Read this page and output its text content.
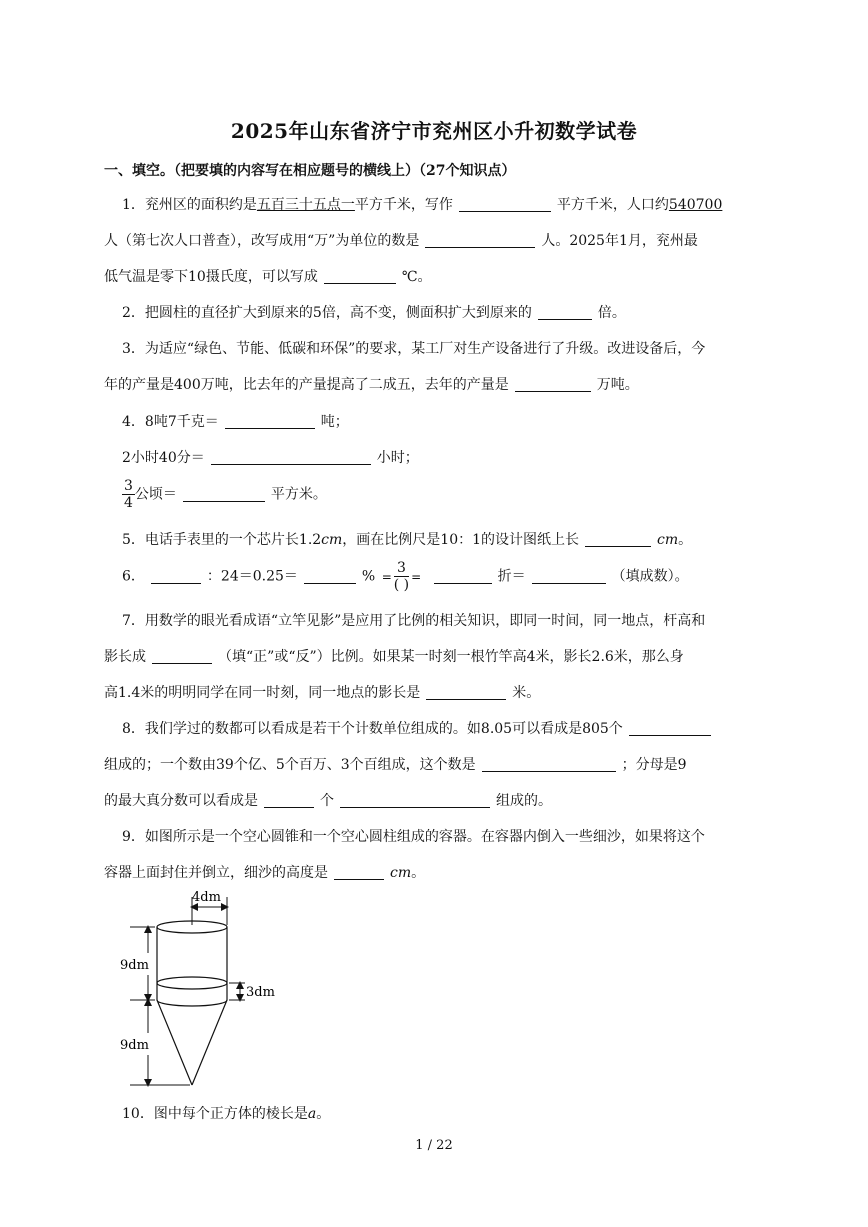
2025年山东省济宁市兖州区小升初数学试卷
一、填空。（把要填的内容写在相应题号的横线上）（27个知识点）
1．兖州区的面积约是五百三十五点一平方千米，写作	平方千米，人口约540700
人（第七次人口普查），改写成用“万”为单位的数是	人。2025年1月，兖州最
低气温是零下10摄氏度，可以写成	℃。
2．把圆柱的直径扩大到原来的5倍，高不变，侧面积扩大到原来的	倍。
3．为适应“绿色、节能、低碳和环保”的要求，某工厂对生产设备进行了升级。改进设备后，今
年的产量是400万吨，比去年的产量提高了二成五，去年的产量是	万吨。
4．8吨7千克＝	吨；
2小时40分＝	小时；
$\frac{3}{4}$ 公顷＝	平方米。
5．电话手表里的一个芯片长1.2cm，画在比例尺是10：1的设计图纸上长	cm。
6．	：24＝0.25＝	% = $\frac{3}{( )}$ =	折＝	（填成数）。
7．用数学的眼光看成语“立竿见影”是应用了比例的相关知识，即同一时间，同一地点，杆高和
影长成	（填“正”或“反”）比例。如果某一时刻一根竹竿高4米，影长2.6米，那么身
高1.4米的明明同学在同一时刻，同一地点的影长是	米。
8．我们学过的数都可以看成是若干个计数单位组成的。如8.05可以看成是805个
组成的；一个数由39个亿、5个百万、3个百组成，这个数是	；分母是9
的最大真分数可以看成是	个	组成的。
9．如图所示是一个空心圆锥和一个空心圆柱组成的容器。在容器内倒入一些细沙，如果将这个
容器上面封住并倒立，细沙的高度是	cm。
4dm
9dm
9dm
3dm
10．图中每个正方体的棱长是a。
1 / 22
